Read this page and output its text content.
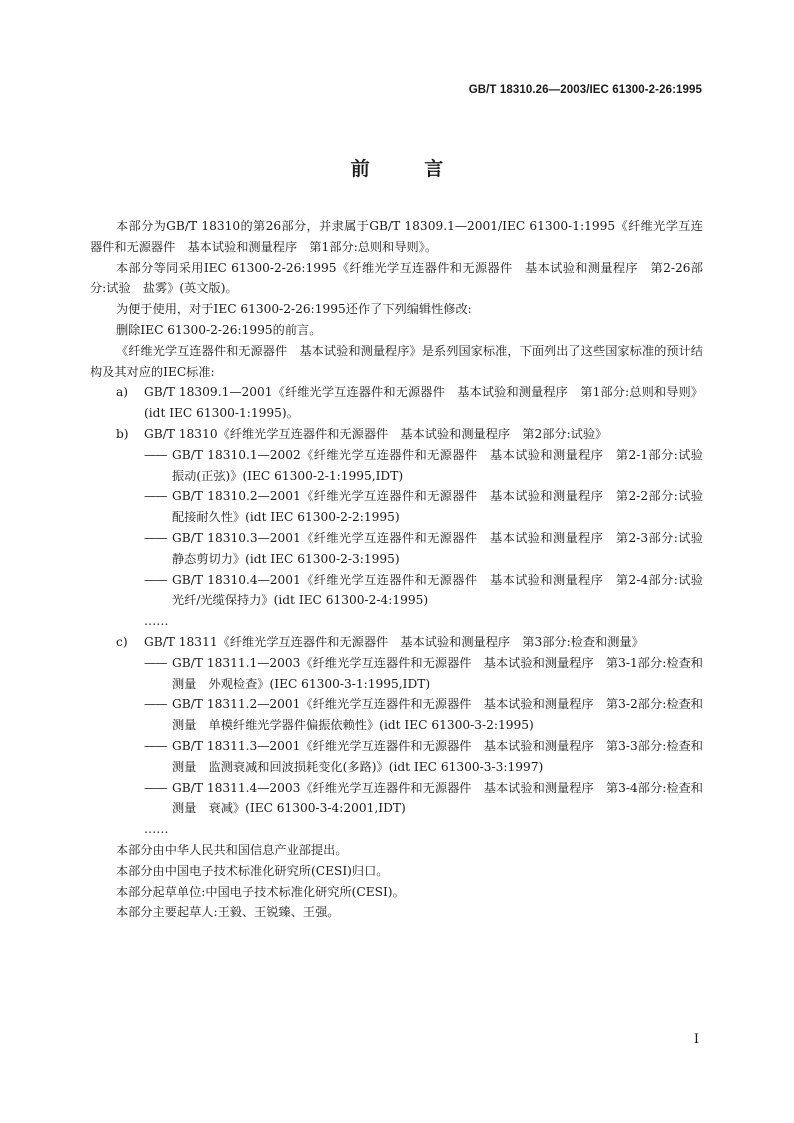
GB/T 18310.26—2003/IEC 61300-2-26:1995
前 言

本部分为GB/T 18310的第26部分，并隶属于GB/T 18309.1—2001/IEC 61300-1:1995《纤维光学互连器件和无源器件　基本试验和测量程序　第1部分:总则和导则》。

本部分等同采用IEC 61300-2-26:1995《纤维光学互连器件和无源器件　基本试验和测量程序　第2-26部分:试验　盐雾》(英文版)。

为便于使用，对于IEC 61300-2-26:1995还作了下列编辑性修改:

删除IEC 61300-2-26:1995的前言。

《纤维光学互连器件和无源器件　基本试验和测量程序》是系列国家标准，下面列出了这些国家标准的预计结构及其对应的IEC标准:

a)	GB/T 18309.1—2001《纤维光学互连器件和无源器件　基本试验和测量程序　第1部分:总则和导则》(idt IEC 61300-1:1995)。
b)	GB/T 18310《纤维光学互连器件和无源器件　基本试验和测量程序　第2部分:试验》
—— GB/T 18310.1—2002《纤维光学互连器件和无源器件　基本试验和测量程序　第2-1部分:试验　振动(正弦)》(IEC 61300-2-1:1995,IDT)
—— GB/T 18310.2—2001《纤维光学互连器件和无源器件　基本试验和测量程序　第2-2部分:试验　配接耐久性》(idt IEC 61300-2-2:1995)
—— GB/T 18310.3—2001《纤维光学互连器件和无源器件　基本试验和测量程序　第2-3部分:试验　静态剪切力》(idt IEC 61300-2-3:1995)
—— GB/T 18310.4—2001《纤维光学互连器件和无源器件　基本试验和测量程序　第2-4部分:试验　光纤/光缆保持力》(idt IEC 61300-2-4:1995)

……

c)	GB/T 18311《纤维光学互连器件和无源器件　基本试验和测量程序　第3部分:检查和测量》
—— GB/T 18311.1—2003《纤维光学互连器件和无源器件　基本试验和测量程序　第3-1部分:检查和测量　外观检查》(IEC 61300-3-1:1995,IDT)
—— GB/T 18311.2—2001《纤维光学互连器件和无源器件　基本试验和测量程序　第3-2部分:检查和测量　单模纤维光学器件偏振依赖性》(idt IEC 61300-3-2:1995)
—— GB/T 18311.3—2001《纤维光学互连器件和无源器件　基本试验和测量程序　第3-3部分:检查和测量　监测衰减和回波损耗变化(多路)》(idt IEC 61300-3-3:1997)
—— GB/T 18311.4—2003《纤维光学互连器件和无源器件　基本试验和测量程序　第3-4部分:检查和测量　衰减》(IEC 61300-3-4:2001,IDT)

……

本部分由中华人民共和国信息产业部提出。

本部分由中国电子技术标准化研究所(CESI)归口。

本部分起草单位:中国电子技术标准化研究所(CESI)。

本部分主要起草人:王毅、王锐臻、王强。

I
